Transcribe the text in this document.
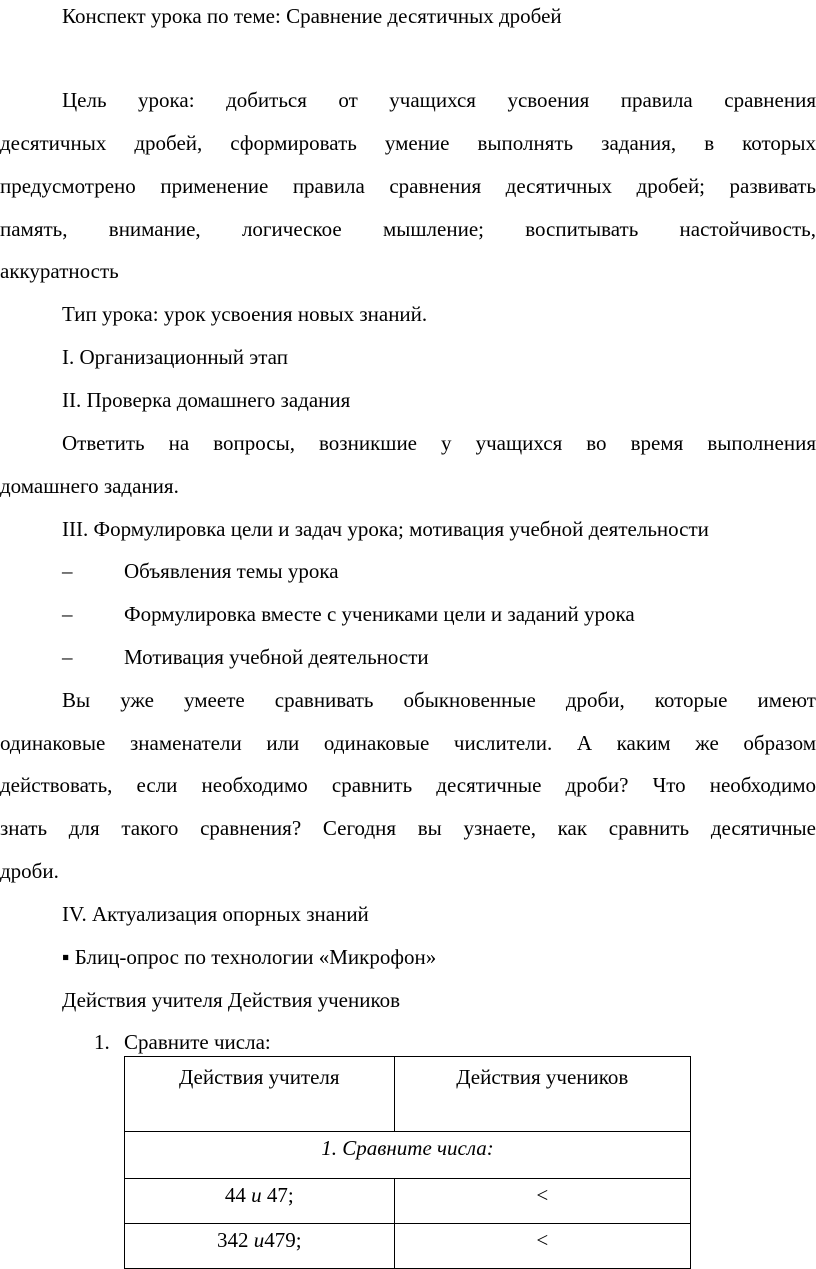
Конспект урока по теме: Сравнение десятичных дробей
Цель урока: добиться от учащихся усвоения правила сравнения
десятичных дробей, сформировать умение выполнять задания, в которых
предусмотрено применение правила сравнения десятичных дробей; развивать
память, внимание, логическое мышление; воспитывать настойчивость,
аккуратность
Тип урока: урок усвоения новых знаний.
I. Организационный этап
II. Проверка домашнего задания
Ответить на вопросы, возникшие у учащихся во время выполнения
домашнего задания.
III. Формулировка цели и задач урока; мотивация учебной деятельности
– Объявления темы урока
– Формулировка вместе с учениками цели и заданий урока
– Мотивация учебной деятельности
Вы уже умеете сравнивать обыкновенные дроби, которые имеют
одинаковые знаменатели или одинаковые числители. А каким же образом
действовать, если необходимо сравнить десятичные дроби? Что необходимо
знать для такого сравнения? Сегодня вы узнаете, как сравнить десятичные
дроби.
IV. Актуализация опорных знаний
▪ Блиц-опрос по технологии «Микрофон»
Действия учителя Действия учеников
1. Сравните числа:
Действия учителя	Действия учеников
1. Сравните числа:	
44 и 47;	<
342 и479;	<
